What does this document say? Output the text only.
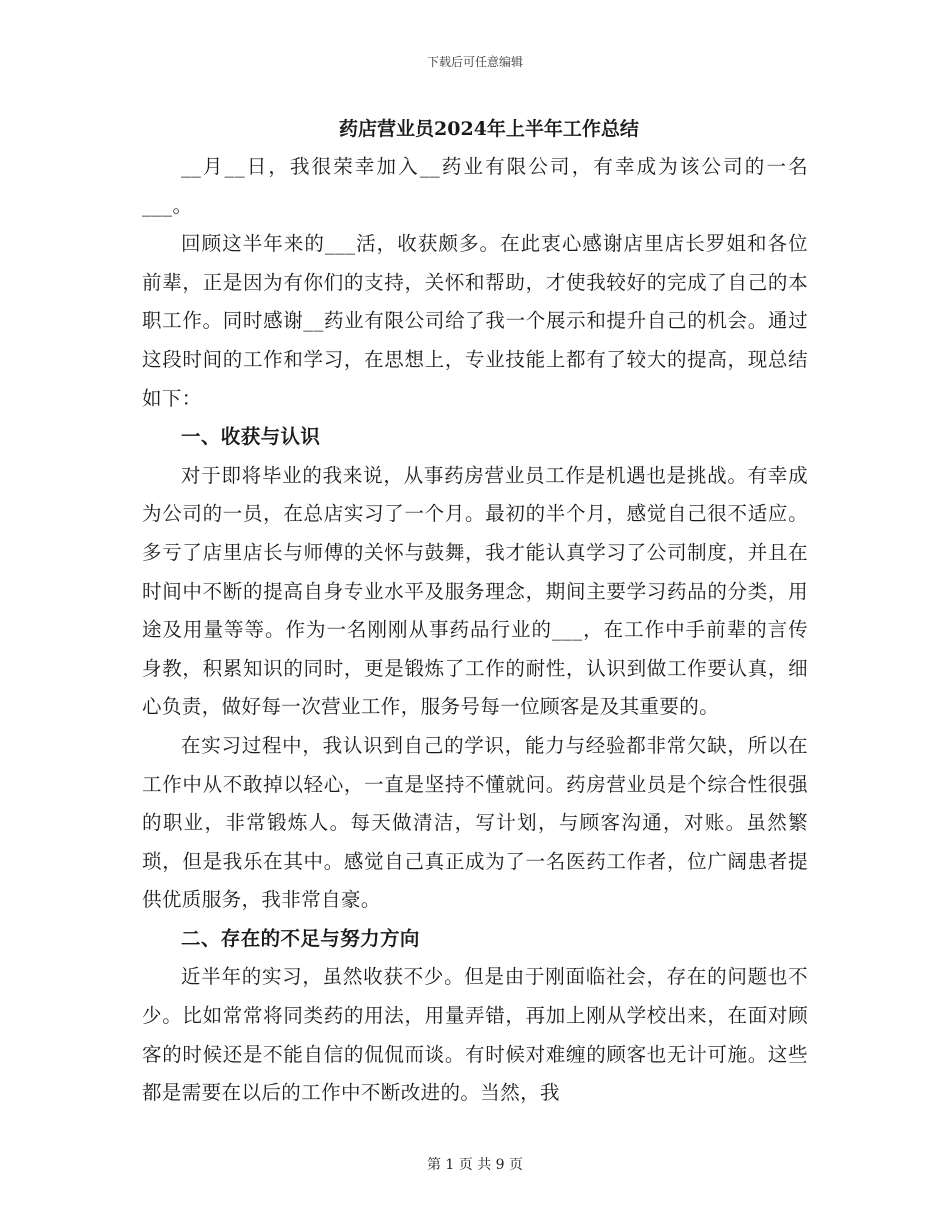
下载后可任意编辑
药店营业员2024年上半年工作总结

__月__日，我很荣幸加入__药业有限公司，有幸成为该公司的一名___。

回顾这半年来的___活，收获颇多。在此衷心感谢店里店长罗姐和各位前辈，正是因为有你们的支持，关怀和帮助，才使我较好的完成了自己的本职工作。同时感谢__药业有限公司给了我一个展示和提升自己的机会。通过这段时间的工作和学习，在思想上，专业技能上都有了较大的提高，现总结如下：

一、收获与认识

对于即将毕业的我来说，从事药房营业员工作是机遇也是挑战。有幸成为公司的一员，在总店实习了一个月。最初的半个月，感觉自己很不适应。多亏了店里店长与师傅的关怀与鼓舞，我才能认真学习了公司制度，并且在时间中不断的提高自身专业水平及服务理念，期间主要学习药品的分类，用途及用量等等。作为一名刚刚从事药品行业的___，在工作中手前辈的言传身教，积累知识的同时，更是锻炼了工作的耐性，认识到做工作要认真，细心负责，做好每一次营业工作，服务号每一位顾客是及其重要的。

在实习过程中，我认识到自己的学识，能力与经验都非常欠缺，所以在工作中从不敢掉以轻心，一直是坚持不懂就问。药房营业员是个综合性很强的职业，非常锻炼人。每天做清洁，写计划，与顾客沟通，对账。虽然繁琐，但是我乐在其中。感觉自己真正成为了一名医药工作者，位广阔患者提供优质服务，我非常自豪。

二、存在的不足与努力方向

近半年的实习，虽然收获不少。但是由于刚面临社会，存在的问题也不少。比如常常将同类药的用法，用量弄错，再加上刚从学校出来，在面对顾客的时候还是不能自信的侃侃而谈。有时候对难缠的顾客也无计可施。这些都是需要在以后的工作中不断改进的。当然，我

第 1 页 共 9 页
